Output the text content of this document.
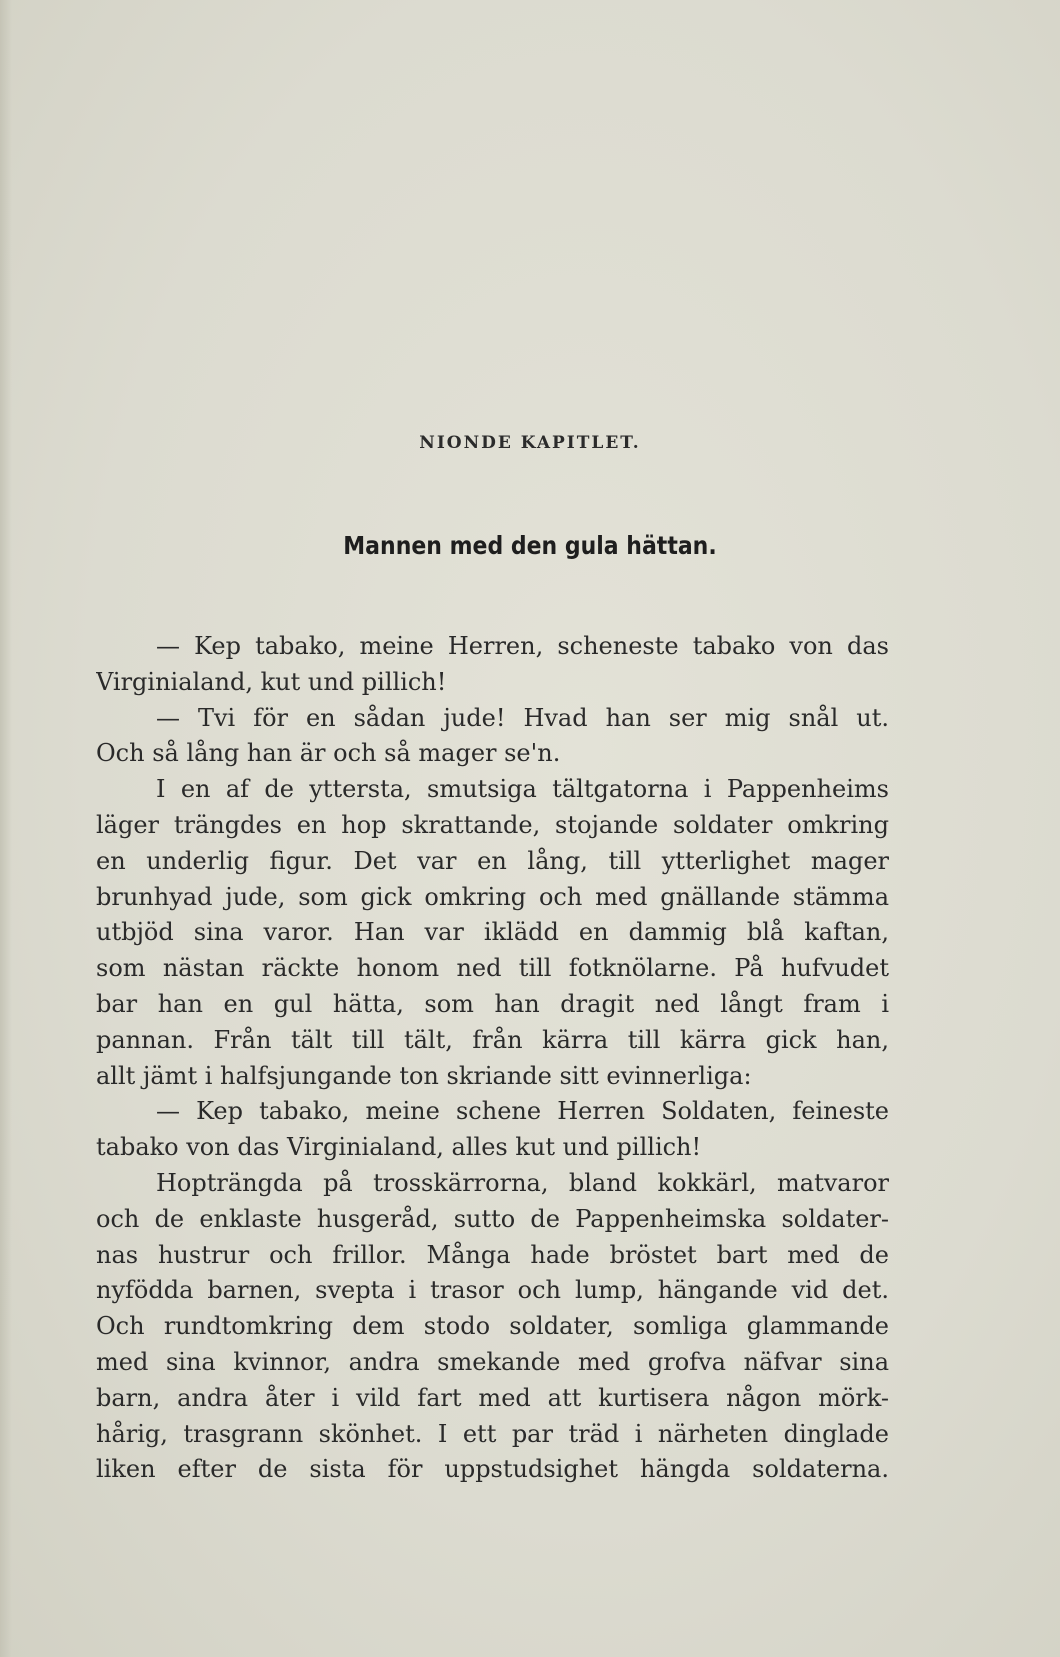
NIONDE KAPITLET.
Mannen med den gula hättan.
— Kep tabako, meine Herren, scheneste tabako von das
Virginialand, kut und pillich!
— Tvi för en sådan jude! Hvad han ser mig snål ut.
Och så lång han är och så mager se'n.
I en af de yttersta, smutsiga tältgatorna i Pappenheims
läger trängdes en hop skrattande, stojande soldater omkring
en underlig figur. Det var en lång, till ytterlighet mager
brunhyad jude, som gick omkring och med gnällande stämma
utbjöd sina varor. Han var iklädd en dammig blå kaftan,
som nästan räckte honom ned till fotknölarne. På hufvudet
bar han en gul hätta, som han dragit ned långt fram i
pannan. Från tält till tält, från kärra till kärra gick han,
allt jämt i halfsjungande ton skriande sitt evinnerliga:
— Kep tabako, meine schene Herren Soldaten, feineste
tabako von das Virginialand, alles kut und pillich!
Hopträngda på trosskärrorna, bland kokkärl, matvaror
och de enklaste husgeråd, sutto de Pappenheimska soldater-
nas hustrur och frillor. Många hade bröstet bart med de
nyfödda barnen, svepta i trasor och lump, hängande vid det.
Och rundtomkring dem stodo soldater, somliga glammande
med sina kvinnor, andra smekande med grofva näfvar sina
barn, andra åter i vild fart med att kurtisera någon mörk-
hårig, trasgrann skönhet. I ett par träd i närheten dinglade
liken efter de sista för uppstudsighet hängda soldaterna.
